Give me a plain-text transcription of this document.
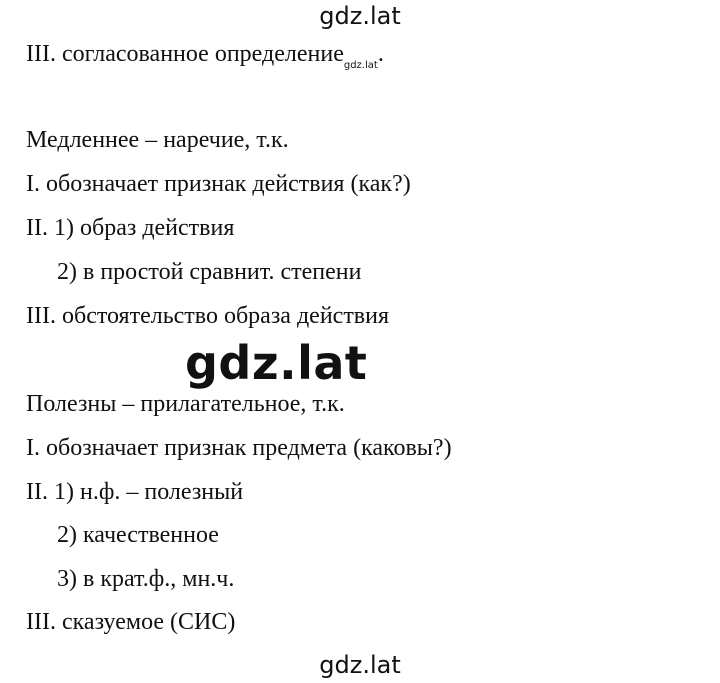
gdz.lat
III. согласованное определение$_{gdz.lat}$.
Медленнее – наречие, т.к.
I. обозначает признак действия (как?)
II. 1) образ действия
2) в простой сравнит. степени
III. обстоятельство образа действия
gdz.lat
Полезны – прилагательное, т.к.
I. обозначает признак предмета (каковы?)
II. 1) н.ф. – полезный
2) качественное
3) в крат.ф., мн.ч.
III. сказуемое (СИС)
gdz.lat
